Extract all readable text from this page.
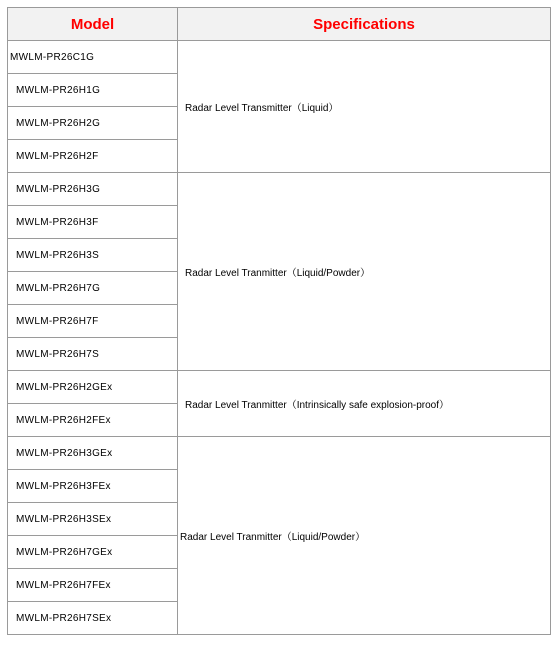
Model	Specifications
MWLM-PR26C1G	Radar Level Transmitter（Liquid）
MWLM-PR26H1G	
MWLM-PR26H2G	
MWLM-PR26H2F	
MWLM-PR26H3G	Radar Level Tranmitter（Liquid/Powder）
MWLM-PR26H3F	
MWLM-PR26H3S	
MWLM-PR26H7G	
MWLM-PR26H7F	
MWLM-PR26H7S	
MWLM-PR26H2GEx	Radar Level Tranmitter（Intrinsically safe explosion-proof）
MWLM-PR26H2FEx	
MWLM-PR26H3GEx	Radar Level Tranmitter（Liquid/Powder）
MWLM-PR26H3FEx	
MWLM-PR26H3SEx	
MWLM-PR26H7GEx	
MWLM-PR26H7FEx	
MWLM-PR26H7SEx	
